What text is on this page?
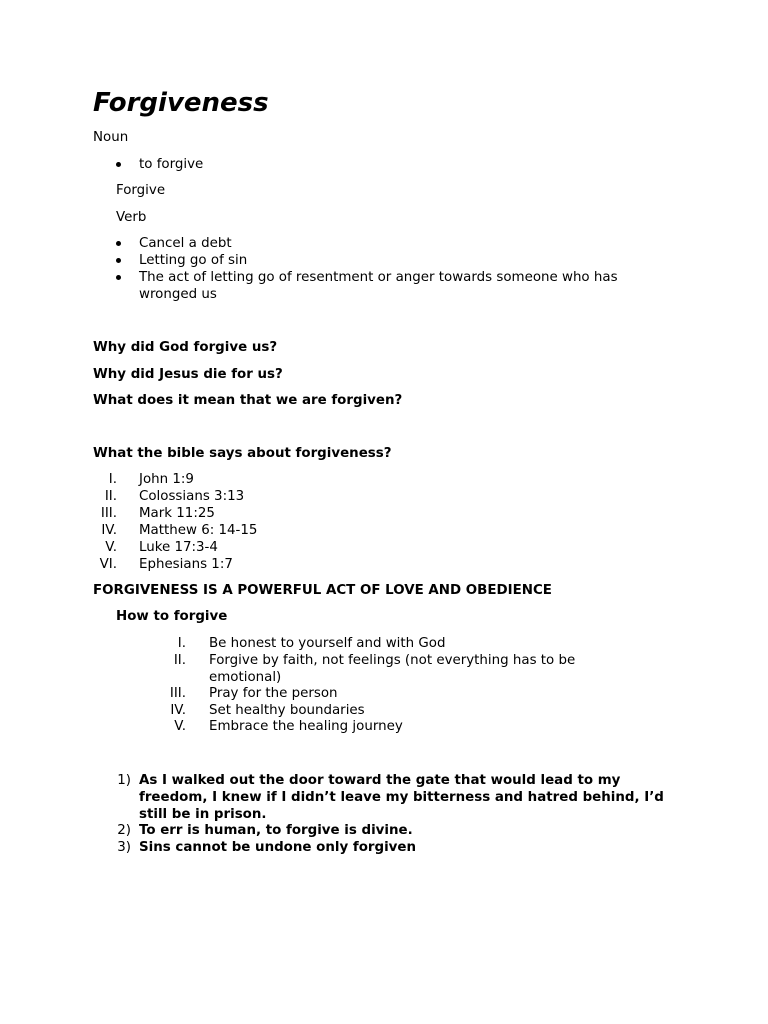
Forgiveness
Noun
to forgive
Forgive
Verb
Cancel a debt
Letting go of sin
The act of letting go of resentment or anger towards someone who has wronged us
Why did God forgive us?
Why did Jesus die for us?
What does it mean that we are forgiven?
What the bible says about forgiveness?
I. John 1:9
II. Colossians 3:13
III. Mark 11:25
IV. Matthew 6: 14-15
V. Luke 17:3-4
VI. Ephesians 1:7
FORGIVENESS IS A POWERFUL ACT OF LOVE AND OBEDIENCE
How to forgive
I. Be honest to yourself and with God
II. Forgive by faith, not feelings (not everything has to be emotional)
III. Pray for the person
IV. Set healthy boundaries
V. Embrace the healing journey
1) As I walked out the door toward the gate that would lead to my freedom, I knew if I didn’t leave my bitterness and hatred behind, I’d still be in prison.
2) To err is human, to forgive is divine.
3) Sins cannot be undone only forgiven
